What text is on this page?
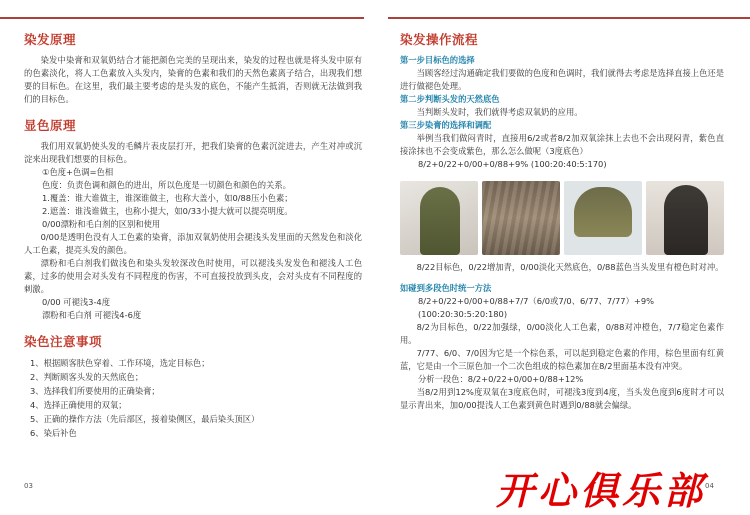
染发原理
染发中染膏和双氧奶结合才能把颜色完美的呈现出来，染发的过程也就是将头发中原有的色素淡化，将人工色素放入头发内，染膏的色素和我们的天然色素离子结合，出现我们想要的目标色。在这里，我们最主要考虑的是头发的底色，不能产生抵消，否则就无法做到我们的目标色。
显色原理
我们用双氧奶使头发的毛鳞片表皮层打开，把我们染膏的色素沉淀进去，产生对冲或沉淀来出现我们想要的目标色。
①色度+色调=色相
色度：负责色调和颜色的进出，所以色度是一切颜色和颜色的关系。
1.覆盖：谁大谁做主，谁深谁做主，也称大盖小，如0/88压小色素；
2.遮盖：谁浅谁做主，也称小提大，如0/33小提大就可以提亮明度。
0/00漂粉和毛白剂的区别和使用
0/00是透明色没有人工色素的染膏，添加双氧奶使用会褪浅头发里面的天然发色和淡化人工色素，提亮头发的颜色。
漂粉和毛白剂我们做浅色和染头发较深改色时使用，可以褪浅头发发色和褪浅人工色素，过多的使用会对头发有不同程度的伤害，不可直接投放到头皮，会对头皮有不同程度的刺激。
0/00 可褪浅3-4度
漂粉和毛白剂 可褪浅4-6度
染色注意事项
1、根据顾客肤色穿着、工作环境，选定目标色；
2、判断顾客头发的天然底色；
3、选择我们所要使用的正确染膏；
4、选择正确使用的双氧；
5、正确的操作方法（先后部区，接着染侧区，最后染头顶区）
6、染后补色
03
染发操作流程
第一步目标色的选择
当顾客经过沟通确定我们要做的色度和色调时，我们就得去考虑是选择直接上色还是进行做褪色处理。
第二步判断头发的天然底色
当判断头发时，我们就得考虑双氧奶的应用。
第三步染膏的选择和调配
举例当我们做闷青时，直接用6/2或者8/2加双氧涂抹上去也不会出现闷青，紫色直接涂抹也不会变成紫色，那么怎么做呢（3度底色）
8/2+0/22+0/00+0/88+9% (100:20:40:5:170)
8/22目标色，0/22增加青，0/00淡化天然底色，0/88蓝色当头发里有橙色时对冲。
如碰到多段色时统一方法
8/2+0/22+0/00+0/88+7/7（6/0或7/0、6/77、7/77）+9%
(100:20:30:5:20:180)
8/2为目标色，0/22加强绿，0/00淡化人工色素，0/88对冲橙色，7/7稳定色素作用。
7/77、6/0、7/0因为它是一个棕色系，可以起到稳定色素的作用，棕色里面有红黄蓝，它是由一个三原色加一个二次色组成的棕色素加在8/2里面基本没有冲突。
分析一段色：8/2+0/22+0/00+0/88+12%
当8/2用到12%度双氧在3度底色时，可褪浅3度到4度，当头发色度到6度时才可以显示青出来，加0/00提浅人工色素到黄色时遇到0/88就会偏绿。
04
开心俱乐部
